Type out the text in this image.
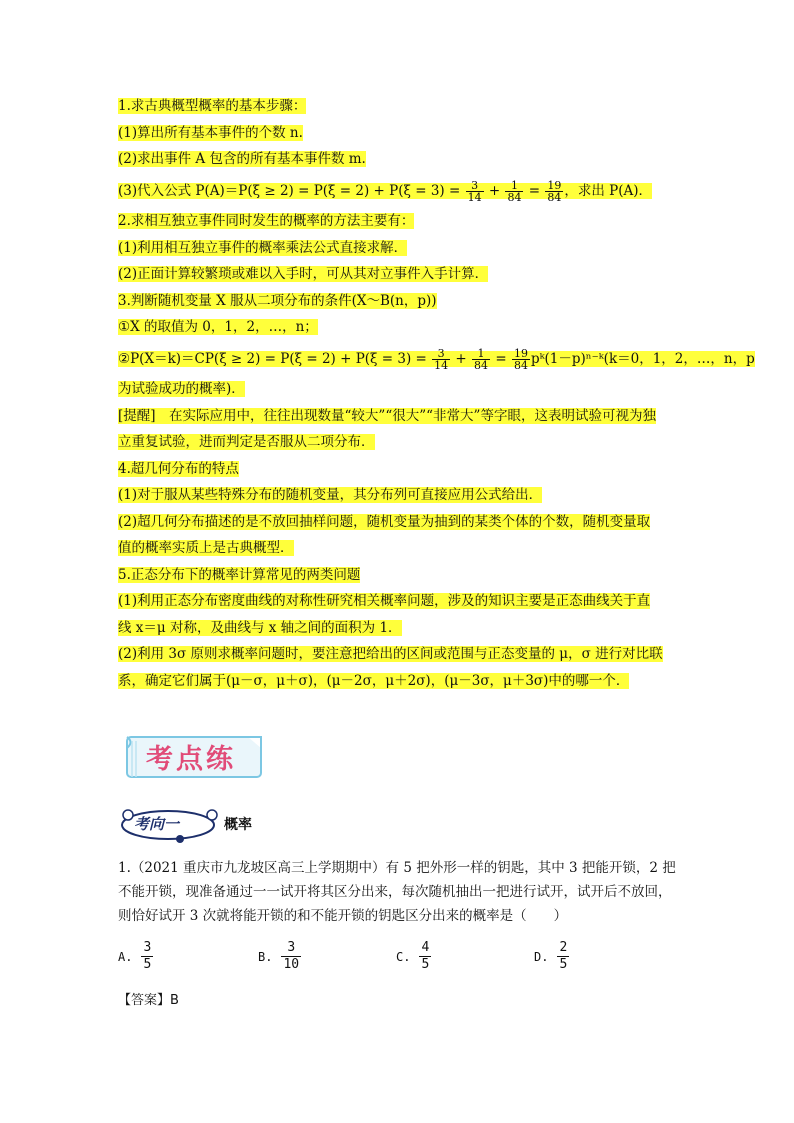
1.求古典概型概率的基本步骤：
(1)算出所有基本事件的个数 n.
(2)求出事件 A 包含的所有基本事件数 m.
(3)代入公式 $P(A)=P(\xi \ge 2) = P(\xi = 2) + P(\xi = 3) = \frac{3}{14} + \frac{1}{84} = \frac{19}{84}$ ，求出 P(A)．
2.求相互独立事件同时发生的概率的方法主要有：
(1)利用相互独立事件的概率乘法公式直接求解．
(2)正面计算较繁琐或难以入手时，可从其对立事件入手计算．
3.判断随机变量 X 服从二项分布的条件(X～B(n，p))
①X 的取值为 0，1，2，…，n；
②P(X＝k)＝CP(ξ ≥ $2) = P(\xi = 2) + P(\xi = 3) = \frac{3}{14} + \frac{1}{84} = \frac{19}{84}$ pᵏ(1－p)ⁿ⁻ᵏ(k＝0，1，2，…，n，p
为试验成功的概率)．
[提醒]　在实际应用中，往往出现数量“较大”“很大”“非常大”等字眼，这表明试验可视为独
立重复试验，进而判定是否服从二项分布．
4.超几何分布的特点
(1)对于服从某些特殊分布的随机变量，其分布列可直接应用公式给出．
(2)超几何分布描述的是不放回抽样问题，随机变量为抽到的某类个体的个数，随机变量取
值的概率实质上是古典概型．
5.正态分布下的概率计算常见的两类问题
(1)利用正态分布密度曲线的对称性研究相关概率问题，涉及的知识主要是正态曲线关于直
线 x＝μ 对称，及曲线与 x 轴之间的面积为 1．
(2)利用 3σ 原则求概率问题时，要注意把给出的区间或范围与正态变量的 μ，σ 进行对比联
系，确定它们属于(μ－σ，μ＋σ)，(μ－2σ，μ＋2σ)，(μ－3σ，μ＋3σ)中的哪一个．
考点练
考向一	概率

1.（2021 重庆市九龙坡区高三上学期期中）有 5 把外形一样的钥匙，其中 3 把能开锁，2 把

不能开锁，现准备通过一一试开将其区分出来，每次随机抽出一把进行试开，试开后不放回，

则恰好试开 3 次就将能开锁的和不能开锁的钥匙区分出来的概率是（　　）

A. $\frac{3}{5}$	B. $\frac{3}{10}$	C. $\frac{4}{5}$	D. $\frac{2}{5}$
【答案】B
